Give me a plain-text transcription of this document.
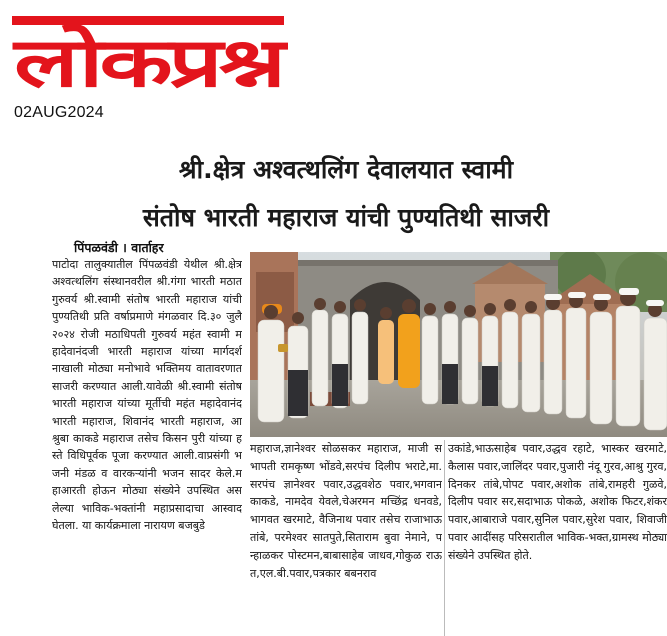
लोकप्रश्न
02AUG2024
श्री.क्षेत्र अश्वत्थलिंग देवालयात स्वामी
संतोष भारती महाराज यांची पुण्यतिथी साजरी
पिंपळवंडी । वार्ताहर
पाटोदा तालुक्यातील पिंपळवंडी येथील श्री.क्षेत्र अश्वत्थलिंग संस्थानवरील श्री.गंगा भारती मठात गुरुवर्य श्री.स्वामी संतोष भारती महाराज यांची पुण्यतिथी प्रति वर्षाप्रमाणे मंगळवार दि.३० जुलै २०२४ रोजी मठाधिपती गुरुवर्य महंत स्वामी महादेवानंदजी भारती महाराज यांच्या मार्गदर्शनाखाली मोठ्या मनोभावे भक्तिमय वातावरणात साजरी करण्यात आली.यावेळी श्री.स्वामी संतोष भारती महाराज यांच्या मूर्तीची महंत महादेवानंद भारती महाराज, शिवानंद भारती महाराज, आश्रुबा काकडे महाराज तसेच किसन पुरी यांच्या हस्ते विधिपूर्वक पूजा करण्यात आली.वाप्रसंगी भजनी मंडळ व वारकऱ्यांनी भजन सादर केले.महाआरती होऊन मोठ्या संख्येने उपस्थित असलेल्या भाविक-भक्तांनी महाप्रसादाचा आस्वाद घेतला. या कार्यक्रमाला नारायण बजबुडे
महाराज,ज्ञानेश्वर सोळसकर महाराज, माजी सभापती रामकृष्ण भोंडवे,सरपंच दिलीप भराटे,मा.सरपंच ज्ञानेश्वर पवार,उद्धवशेठ पवार,भगवान काकडे, नामदेव येवले,चेअरमन मच्छिंद्र धनवडे,भागवत खरमाटे, वैजिनाथ पवार तसेच राजाभाऊ तांबे, परमेश्वर सातपुते,सिताराम बुवा नेमाने, पन्हाळकर पोस्टमन,बाबासाहेब जाधव,गोकुळ राऊत,एल.बी.पवार,पत्रकार बबनराव
उकांडे,भाऊसाहेब पवार,उद्धव रहाटे, भास्कर खरमाटे,कैलास पवार,जालिंदर पवार,पुजारी नंदू गुरव,आश्रु गुरव,दिनकर तांबे,पोपट पवार,अशोक तांबे,रामहरी गुळवे, दिलीप पवार सर,सदाभाऊ पोकळे, अशोक फिटर,शंकर पवार,आबाराजे पवार,सुनिल पवार,सुरेश पवार, शिवाजी पवार आदींसह परिसरातील भाविक-भक्त,ग्रामस्थ मोठ्या संख्येने उपस्थित होते.
